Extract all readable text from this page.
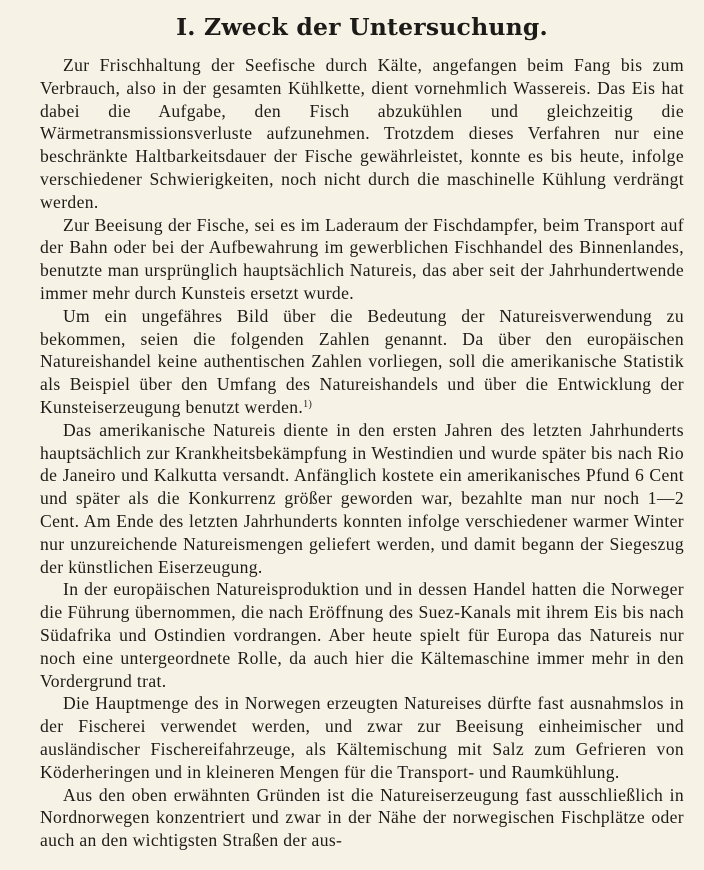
I. Zweck der Untersuchung.

Zur Frischhaltung der Seefische durch Kälte, angefangen beim Fang bis zum Verbrauch, also in der gesamten Kühlkette, dient vornehmlich Wassereis. Das Eis hat dabei die Aufgabe, den Fisch abzukühlen und gleichzeitig die Wärmetransmissionsverluste aufzunehmen. Trotzdem dieses Verfahren nur eine beschränkte Haltbarkeitsdauer der Fische gewährleistet, konnte es bis heute, infolge verschiedener Schwierigkeiten, noch nicht durch die maschinelle Kühlung verdrängt werden.

Zur Beeisung der Fische, sei es im Laderaum der Fischdampfer, beim Transport auf der Bahn oder bei der Aufbewahrung im gewerblichen Fischhandel des Binnenlandes, benutzte man ursprünglich hauptsächlich Natureis, das aber seit der Jahrhundertwende immer mehr durch Kunsteis ersetzt wurde.

Um ein ungefähres Bild über die Bedeutung der Natureisverwendung zu bekommen, seien die folgenden Zahlen genannt. Da über den europäischen Natureishandel keine authentischen Zahlen vorliegen, soll die amerikanische Statistik als Beispiel über den Umfang des Natureishandels und über die Entwicklung der Kunsteiserzeugung benutzt werden.$^{1)}$

Das amerikanische Natureis diente in den ersten Jahren des letzten Jahrhunderts hauptsächlich zur Krankheitsbekämpfung in Westindien und wurde später bis nach Rio de Janeiro und Kalkutta versandt. Anfänglich kostete ein amerikanisches Pfund 6 Cent und später als die Konkurrenz größer geworden war, bezahlte man nur noch 1—2 Cent. Am Ende des letzten Jahrhunderts konnten infolge verschiedener warmer Winter nur unzureichende Natureismengen geliefert werden, und damit begann der Siegeszug der künstlichen Eiserzeugung.

In der europäischen Natureisproduktion und in dessen Handel hatten die Norweger die Führung übernommen, die nach Eröffnung des Suez-Kanals mit ihrem Eis bis nach Südafrika und Ostindien vordrangen. Aber heute spielt für Europa das Natureis nur noch eine untergeordnete Rolle, da auch hier die Kältemaschine immer mehr in den Vordergrund trat.

Die Hauptmenge des in Norwegen erzeugten Natureises dürfte fast ausnahmslos in der Fischerei verwendet werden, und zwar zur Beeisung einheimischer und ausländischer Fischereifahrzeuge, als Kältemischung mit Salz zum Gefrieren von Köderheringen und in kleineren Mengen für die Transport- und Raumkühlung.

Aus den oben erwähnten Gründen ist die Natureiserzeugung fast ausschließlich in Nordnorwegen konzentriert und zwar in der Nähe der norwegischen Fischplätze oder auch an den wichtigsten Straßen der aus-
